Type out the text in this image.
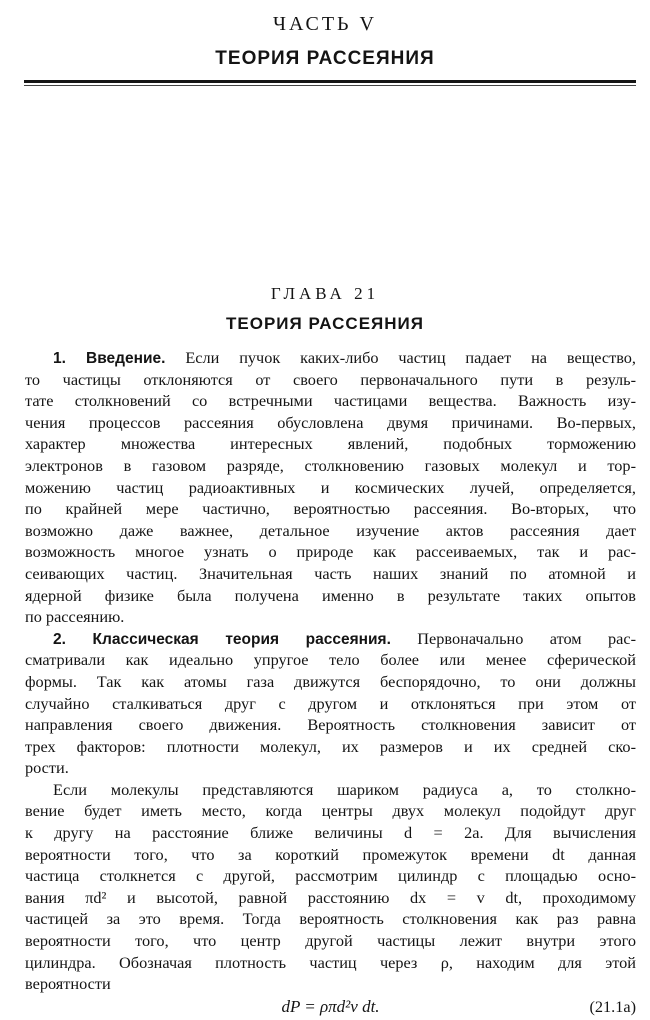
ЧАСТЬ V
ТЕОРИЯ РАССЕЯНИЯ
ГЛАВА 21
ТЕОРИЯ РАССЕЯНИЯ
1. Введение. Если пучок каких-либо частиц падает на вещество,
то частицы отклоняются от своего первоначального пути в резуль-
тате столкновений со встречными частицами вещества. Важность изу-
чения процессов рассеяния обусловлена двумя причинами. Во-первых,
характер множества интересных явлений, подобных торможению
электронов в газовом разряде, столкновению газовых молекул и тор-
можению частиц радиоактивных и космических лучей, определяется,
по крайней мере частично, вероятностью рассеяния. Во-вторых, что
возможно даже важнее, детальное изучение актов рассеяния дает
возможность многое узнать о природе как рассеиваемых, так и рас-
сеивающих частиц. Значительная часть наших знаний по атомной и
ядерной физике была получена именно в результате таких опытов
по рассеянию.
2. Классическая теория рассеяния. Первоначально атом рас-
сматривали как идеально упругое тело более или менее сферической
формы. Так как атомы газа движутся беспорядочно, то они должны
случайно сталкиваться друг с другом и отклоняться при этом от
направления своего движения. Вероятность столкновения зависит от
трех факторов: плотности молекул, их размеров и их средней ско-
рости.
Если молекулы представляются шариком радиуса a, то столкно-
вение будет иметь место, когда центры двух молекул подойдут друг
к другу на расстояние ближе величины d = 2a. Для вычисления
вероятности того, что за короткий промежуток времени dt данная
частица столкнется с другой, рассмотрим цилиндр с площадью осно-
вания πd² и высотой, равной расстоянию dx = v dt, проходимому
частицей за это время. Тогда вероятность столкновения как раз равна
вероятности того, что центр другой частицы лежит внутри этого
цилиндра. Обозначая плотность частиц через ρ, находим для этой
вероятности
dP = ρπd²v dt.	(21.1a)
